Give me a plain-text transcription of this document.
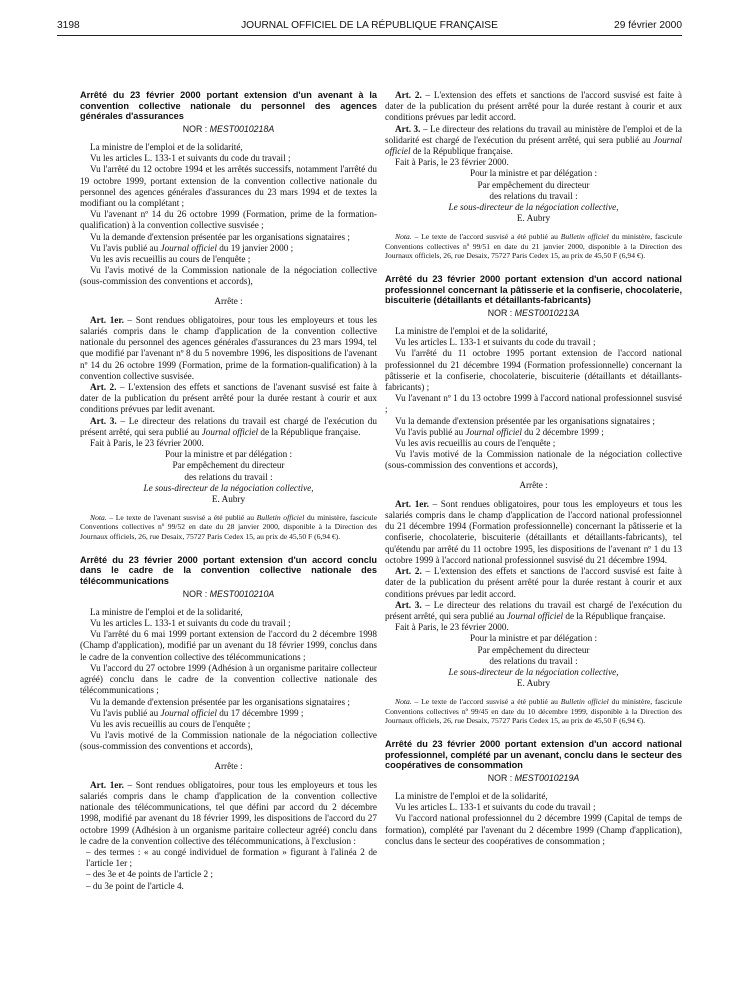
3198	JOURNAL OFFICIEL DE LA RÉPUBLIQUE FRANÇAISE	29 février 2000

Arrêté du 23 février 2000 portant extension d'un avenant à la convention collective nationale du personnel des agences générales d'assurances

NOR : MEST0010218A

La ministre de l'emploi et de la solidarité,

Vu les articles L. 133-1 et suivants du code du travail ;

Vu l'arrêté du 12 octobre 1994 et les arrêtés successifs, notamment l'arrêté du 19 octobre 1999, portant extension de la convention collective nationale du personnel des agences générales d'assurances du 23 mars 1994 et de textes la modifiant ou la complétant ;

Vu l'avenant nº 14 du 26 octobre 1999 (Formation, prime de la formation-qualification) à la convention collective susvisée ;

Vu la demande d'extension présentée par les organisations signataires ;

Vu l'avis publié au Journal officiel du 19 janvier 2000 ;

Vu les avis recueillis au cours de l'enquête ;

Vu l'avis motivé de la Commission nationale de la négociation collective (sous-commission des conventions et accords),

Arrête :

Art. 1er. – Sont rendues obligatoires, pour tous les employeurs et tous les salariés compris dans le champ d'application de la convention collective nationale du personnel des agences générales d'assurances du 23 mars 1994, tel que modifié par l'avenant nº 8 du 5 novembre 1996, les dispositions de l'avenant nº 14 du 26 octobre 1999 (Formation, prime de la formation-qualification) à la convention collective susvisée.

Art. 2. – L'extension des effets et sanctions de l'avenant susvisé est faite à dater de la publication du présent arrêté pour la durée restant à courir et aux conditions prévues par ledit avenant.

Art. 3. – Le directeur des relations du travail est chargé de l'exécution du présent arrêté, qui sera publié au Journal officiel de la République française.

Fait à Paris, le 23 février 2000.

Pour la ministre et par délégation :
Par empêchement du directeur
des relations du travail :
Le sous-directeur de la négociation collective,
E. Aubry

Nota. – Le texte de l'avenant susvisé a été publié au Bulletin officiel du ministère, fascicule Conventions collectives nº 99/52 en date du 28 janvier 2000, disponible à la Direction des Journaux officiels, 26, rue Desaix, 75727 Paris Cedex 15, au prix de 45,50 F (6,94 €).

Arrêté du 23 février 2000 portant extension d'un accord conclu dans le cadre de la convention collective nationale des télécommunications

NOR : MEST0010210A

La ministre de l'emploi et de la solidarité,

Vu les articles L. 133-1 et suivants du code du travail ;

Vu l'arrêté du 6 mai 1999 portant extension de l'accord du 2 décembre 1998 (Champ d'application), modifié par un avenant du 18 février 1999, conclus dans le cadre de la convention collective des télécommunications ;

Vu l'accord du 27 octobre 1999 (Adhésion à un organisme paritaire collecteur agréé) conclu dans le cadre de la convention collective nationale des télécommunications ;

Vu la demande d'extension présentée par les organisations signataires ;

Vu l'avis publié au Journal officiel du 17 décembre 1999 ;

Vu les avis recueillis au cours de l'enquête ;

Vu l'avis motivé de la Commission nationale de la négociation collective (sous-commission des conventions et accords),

Arrête :

Art. 1er. – Sont rendues obligatoires, pour tous les employeurs et tous les salariés compris dans le champ d'application de la convention collective nationale des télécommunications, tel que défini par accord du 2 décembre 1998, modifié par avenant du 18 février 1999, les dispositions de l'accord du 27 octobre 1999 (Adhésion à un organisme paritaire collecteur agréé) conclu dans le cadre de la convention collective des télécommunications, à l'exclusion :

– des termes : « au congé individuel de formation » figurant à l'alinéa 2 de l'article 1er ;

– des 3e et 4e points de l'article 2 ;

– du 3e point de l'article 4.

Art. 2. – L'extension des effets et sanctions de l'accord susvisé est faite à dater de la publication du présent arrêté pour la durée restant à courir et aux conditions prévues par ledit accord.

Art. 3. – Le directeur des relations du travail au ministère de l'emploi et de la solidarité est chargé de l'exécution du présent arrêté, qui sera publié au Journal officiel de la République française.

Fait à Paris, le 23 février 2000.

Pour la ministre et par délégation :
Par empêchement du directeur
des relations du travail :
Le sous-directeur de la négociation collective,
E. Aubry

Nota. – Le texte de l'accord susvisé a été publié au Bulletin officiel du ministère, fascicule Conventions collectives nº 99/51 en date du 21 janvier 2000, disponible à la Direction des Journaux officiels, 26, rue Desaix, 75727 Paris Cedex 15, au prix de 45,50 F (6,94 €).

Arrêté du 23 février 2000 portant extension d'un accord national professionnel concernant la pâtisserie et la confiserie, chocolaterie, biscuiterie (détaillants et détaillants-fabricants)

NOR : MEST0010213A

La ministre de l'emploi et de la solidarité,

Vu les articles L. 133-1 et suivants du code du travail ;

Vu l'arrêté du 11 octobre 1995 portant extension de l'accord national professionnel du 21 décembre 1994 (Formation professionnelle) concernant la pâtisserie et la confiserie, chocolaterie, biscuiterie (détaillants et détaillants-fabricants) ;

Vu l'avenant nº 1 du 13 octobre 1999 à l'accord national professionnel susvisé ;

Vu la demande d'extension présentée par les organisations signataires ;

Vu l'avis publié au Journal officiel du 2 décembre 1999 ;

Vu les avis recueillis au cours de l'enquête ;

Vu l'avis motivé de la Commission nationale de la négociation collective (sous-commission des conventions et accords),

Arrête :

Art. 1er. – Sont rendues obligatoires, pour tous les employeurs et tous les salariés compris dans le champ d'application de l'accord national professionnel du 21 décembre 1994 (Formation professionnelle) concernant la pâtisserie et la confiserie, chocolaterie, biscuiterie (détaillants et détaillants-fabricants), tel qu'étendu par arrêté du 11 octobre 1995, les dispositions de l'avenant nº 1 du 13 octobre 1999 à l'accord national professionnel susvisé du 21 décembre 1994.

Art. 2. – L'extension des effets et sanctions de l'accord susvisé est faite à dater de la publication du présent arrêté pour la durée restant à courir et aux conditions prévues par ledit accord.

Art. 3. – Le directeur des relations du travail est chargé de l'exécution du présent arrêté, qui sera publié au Journal officiel de la République française.

Fait à Paris, le 23 février 2000.

Pour la ministre et par délégation :
Par empêchement du directeur
des relations du travail :
Le sous-directeur de la négociation collective,
E. Aubry

Nota. – Le texte de l'accord susvisé a été publié au Bulletin officiel du ministère, fascicule Conventions collectives nº 99/45 en date du 10 décembre 1999, disponible à la Direction des Journaux officiels, 26, rue Desaix, 75727 Paris Cedex 15, au prix de 45,50 F (6,94 €).

Arrêté du 23 février 2000 portant extension d'un accord national professionnel, complété par un avenant, conclu dans le secteur des coopératives de consommation

NOR : MEST0010219A

La ministre de l'emploi et de la solidarité,

Vu les articles L. 133-1 et suivants du code du travail ;

Vu l'accord national professionnel du 2 décembre 1999 (Capital de temps de formation), complété par l'avenant du 2 décembre 1999 (Champ d'application), conclus dans le secteur des coopératives de consommation ;
